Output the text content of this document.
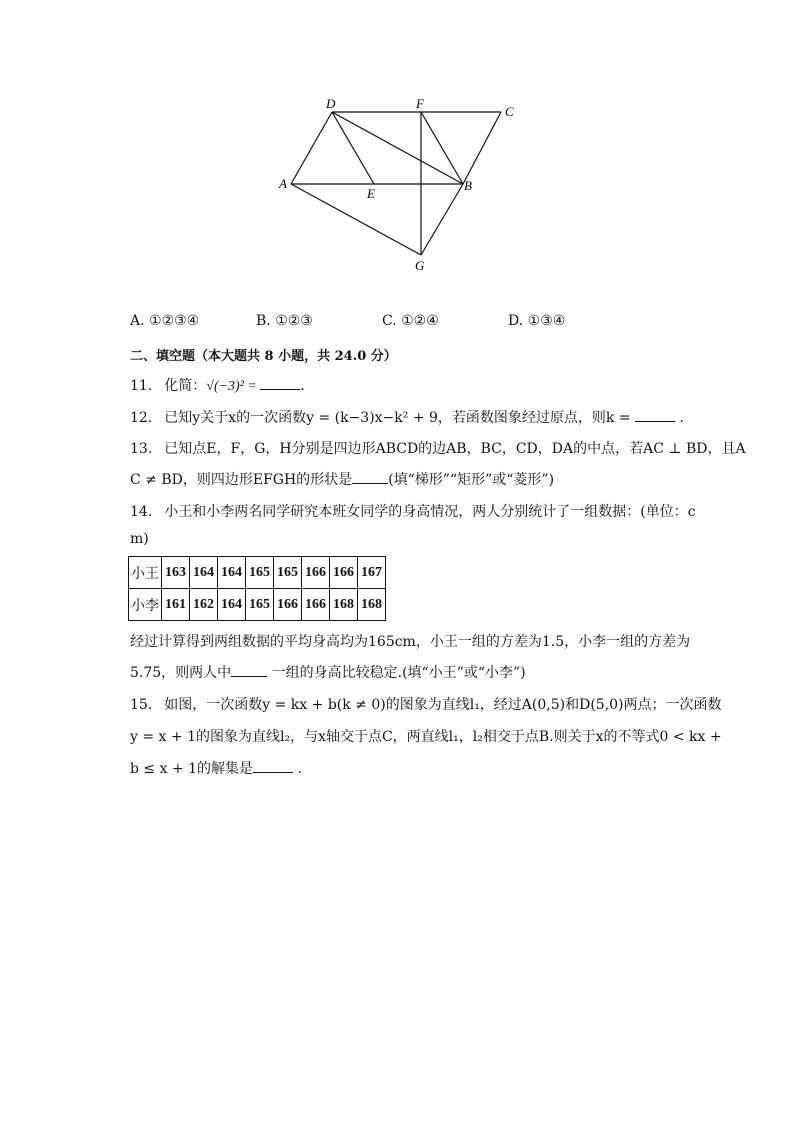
D	F
C
A
E
B
G
A. ①②③④	B. ①②③	C. ①②④	D. ①③④
二、填空题（本大题共 8 小题，共 24.0 分）
11. 化简：√(−3)² =	.
12. 已知y关于x的一次函数y = (k−3)x−k² + 9，若函数图象经过原点，则k =	.
13. 已知点E，F，G，H分别是四边形ABCD的边AB，BC，CD，DA的中点，若AC ⊥ BD，且A
C ≠ BD，则四边形EFGH的形状是	(填“梯形”“矩形”或“菱形”)
14. 小王和小李两名同学研究本班女同学的身高情况，两人分别统计了一组数据：(单位：c
m)
小王	163	164	164	165	165	166	166	167
小李	161	162	164	165	166	166	168	168
经过计算得到两组数据的平均身高均为165cm，小王一组的方差为1.5，小李一组的方差为
5.75，则两人中	一组的身高比较稳定.(填“小王”或“小李”)
15. 如图，一次函数y = kx + b(k ≠ 0)的图象为直线l₁，经过A(0,5)和D(5,0)两点；一次函数
y = x + 1的图象为直线l₂，与x轴交于点C，两直线l₁，l₂相交于点B.则关于x的不等式0 < kx +
b ≤ x + 1的解集是	.
